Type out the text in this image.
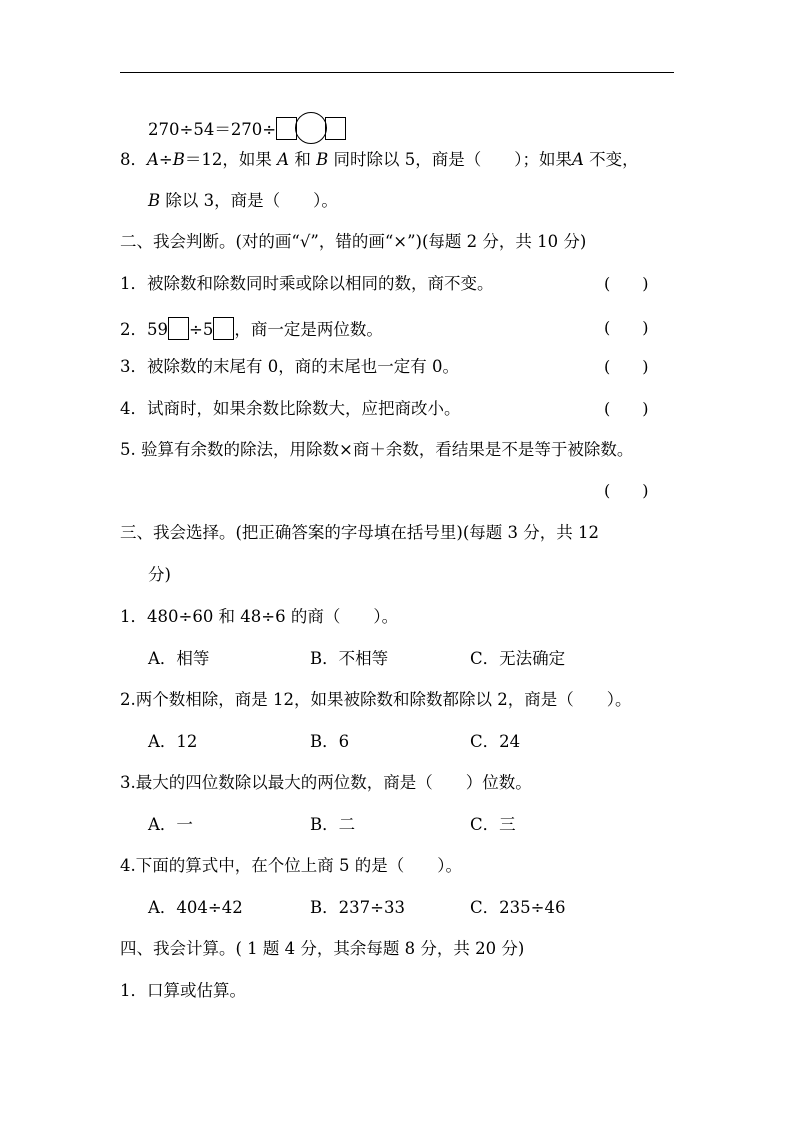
270÷54＝270÷
8．A÷B＝12，如果 A 和 B 同时除以 5，商是（　　）；如果A 不变，
B 除以 3，商是（　　）。
二、我会判断。(对的画“√”，错的画“×”)(每题 2 分，共 10 分)
1．被除数和除数同时乘或除以相同的数，商不变。	(　　)
2．59 ÷5 ，商一定是两位数。	(　　)
3．被除数的末尾有 0，商的末尾也一定有 0。	(　　)
4．试商时，如果余数比除数大，应把商改小。	(　　)
5. 验算有余数的除法，用除数×商＋余数，看结果是不是等于被除数。
(　　)
三、我会选择。(把正确答案的字母填在括号里)(每题 3 分，共 12
分)
1．480÷60 和 48÷6 的商（　　）。
A．相等	B．不相等	C．无法确定
2.两个数相除，商是 12，如果被除数和除数都除以 2，商是（　　）。
A．12	B．6	C．24
3.最大的四位数除以最大的两位数，商是（　　）位数。
A．一	B．二	C．三
4.下面的算式中，在个位上商 5 的是（　　）。
A．404÷42	B．237÷33	C．235÷46
四、我会计算。( 1 题 4 分，其余每题 8 分，共 20 分)
1．口算或估算。
